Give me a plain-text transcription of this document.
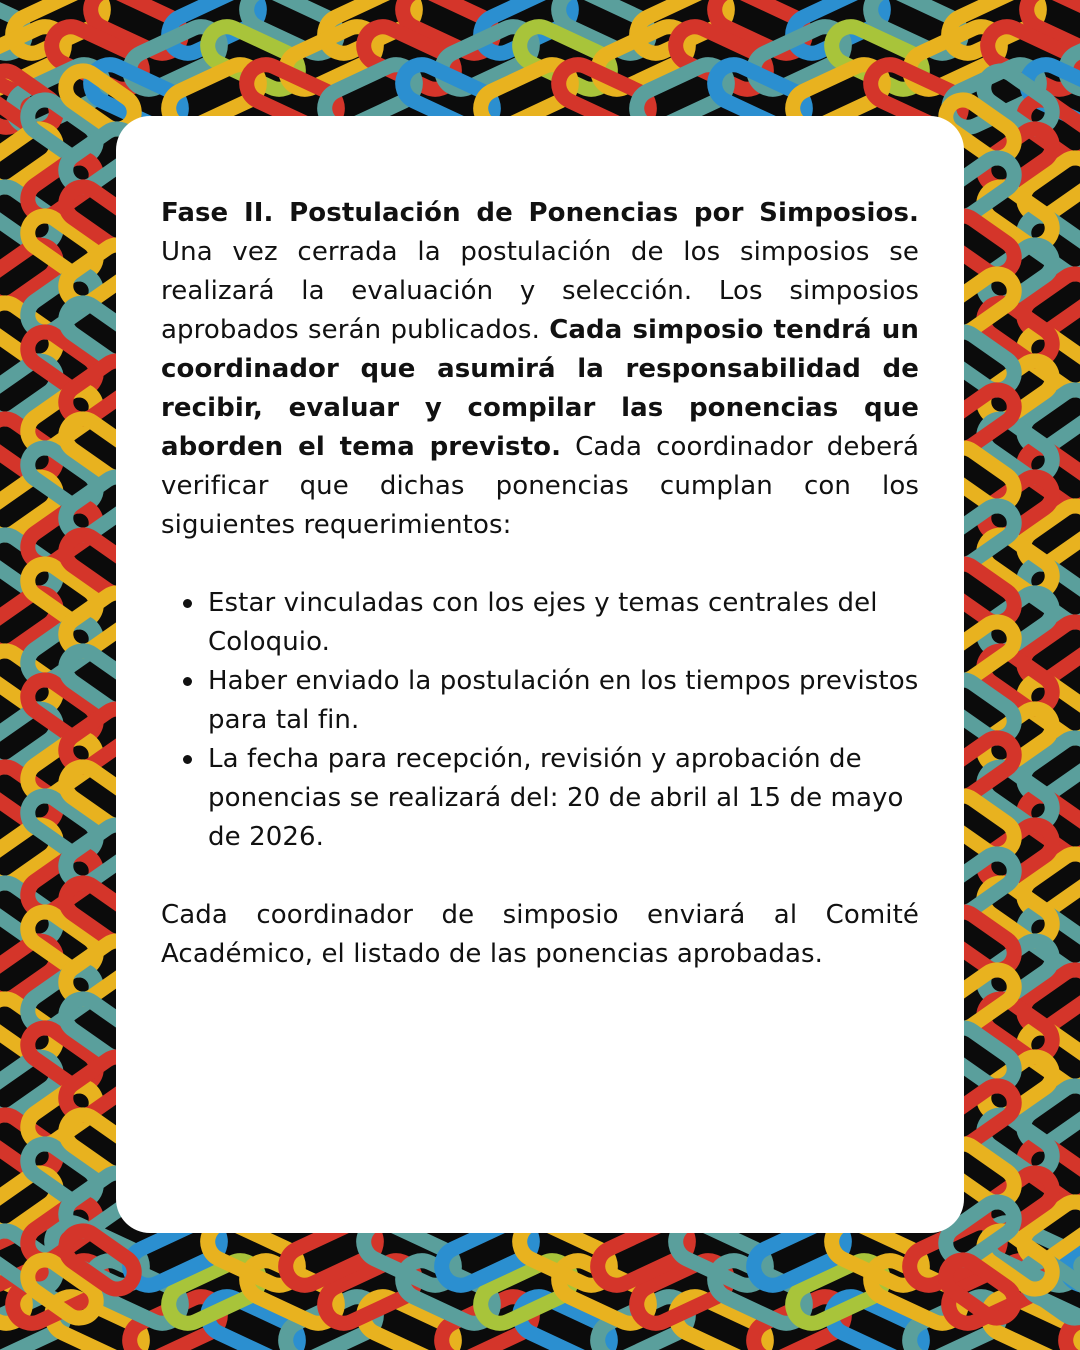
Fase II. Postulación de Ponencias por Simposios. Una vez cerrada la postulación de los simposios se realizará la evaluación y selección. Los simposios aprobados serán publicados. Cada simposio tendrá un coordinador que asumirá la responsabilidad de recibir, evaluar y compilar las ponencias que aborden el tema previsto. Cada coordinador deberá verificar que dichas ponencias cumplan con los siguientes requerimientos:

Estar vinculadas con los ejes y temas centrales del Coloquio.
Haber enviado la postulación en los tiempos previstos para tal fin.
La fecha para recepción, revisión y aprobación de ponencias se realizará del: 20 de abril al 15 de mayo de 2026.

Cada coordinador de simposio enviará al Comité Académico, el listado de las ponencias aprobadas.
